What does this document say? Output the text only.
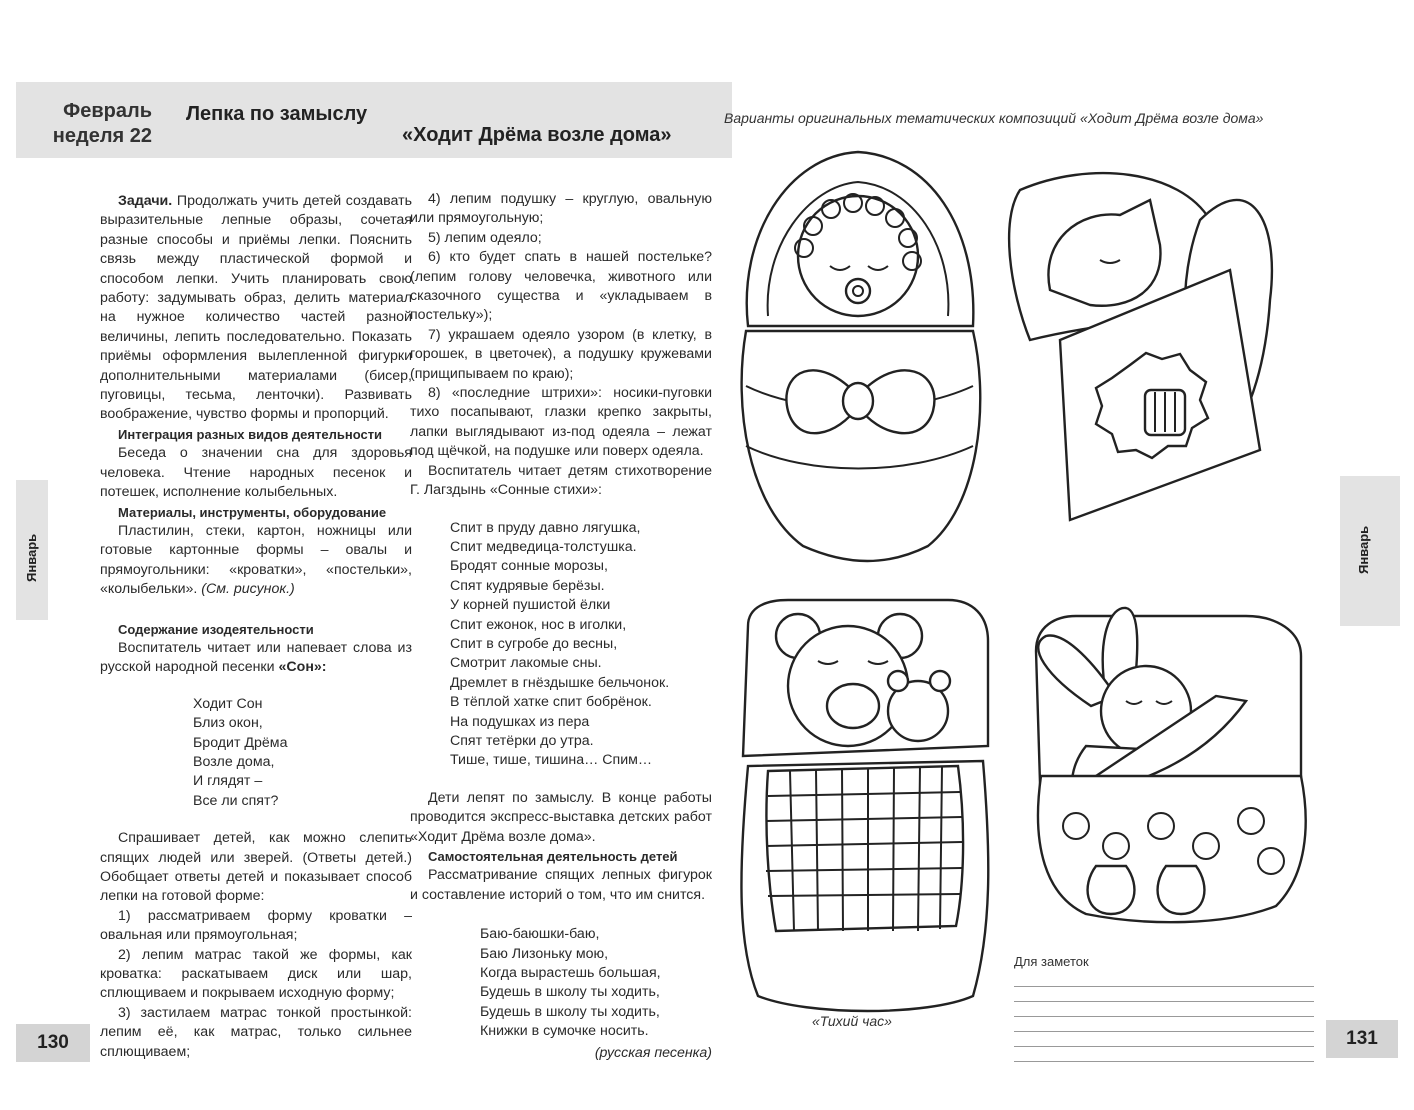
Февраль
неделя 22
Лепка по замыслу
«Ходит Дрёма возле дома»

Задачи. Продолжать учить детей создавать выразительные лепные образы, сочетая разные способы и приёмы лепки. Пояснить связь между пластической формой и способом лепки. Учить планировать свою работу: задумывать образ, делить материал на нужное количество частей разной величины, лепить последовательно. Показать приёмы оформления вылепленной фигурки дополнительными материалами (бисер, пуговицы, тесьма, ленточки). Развивать воображение, чувство формы и пропорций.

Интеграция разных видов деятельности

Беседа о значении сна для здоровья человека. Чтение народных песенок и потешек, исполнение колыбельных.

Материалы, инструменты, оборудование

Пластилин, стеки, картон, ножницы или готовые картонные формы – овалы и прямоугольники: «кроватки», «постельки», «колыбельки». (См. рисунок.)

Содержание изодеятельности

Воспитатель читает или напевает слова из русской народной песенки «Сон»:

Ходит Сон
Близ окон,
Бродит Дрёма
Возле дома,
И глядят –
Все ли спят?

Спрашивает детей, как можно слепить спящих людей или зверей. (Ответы детей.) Обобщает ответы детей и показывает способ лепки на готовой форме:

1) рассматриваем форму кроватки – овальная или прямоугольная;

2) лепим матрас такой же формы, как кроватка: раскатываем диск или шар, сплющиваем и покрываем исходную форму;

3) застилаем матрас тонкой простынкой: лепим её, как матрас, только сильнее сплющиваем;

4) лепим подушку – круглую, овальную или прямоугольную;

5) лепим одеяло;

6) кто будет спать в нашей постельке? (лепим голову человечка, животного или сказочного существа и «укладываем в постельку»);

7) украшаем одеяло узором (в клетку, в горошек, в цветочек), а подушку кружевами (прищипываем по краю);

8) «последние штрихи»: носики-пуговки тихо посапывают, глазки крепко закрыты, лапки выглядывают из-под одеяла – лежат под щёчкой, на подушке или поверх одеяла.

Воспитатель читает детям стихотворение Г. Лагздынь «Сонные стихи»:

Спит в пруду давно лягушка,
Спит медведица-толстушка.
Бродят сонные морозы,
Спят кудрявые берёзы.
У корней пушистой ёлки
Спит ежонок, нос в иголки,
Спит в сугробе до весны,
Смотрит лакомые сны.
Дремлет в гнёздышке бельчонок.
В тёплой хатке спит бобрёнок.
На подушках из пера
Спят тетёрки до утра.
Тише, тише, тишина… Спим…

Дети лепят по замыслу. В конце работы проводится экспресс-выставка детских работ «Ходит Дрёма возле дома».

Самостоятельная деятельность детей

Рассматривание спящих лепных фигурок и составление историй о том, что им снится.

Баю-баюшки-баю,
Баю Лизоньку мою,
Когда вырастешь большая,
Будешь в школу ты ходить,
Будешь в школу ты ходить,
Книжки в сумочке носить.
(русская песенка)
Январь
130
Варианты оригинальных тематических композиций «Ходит Дрёма возле дома»
Январь
«Тихий час»
Для заметок
131
